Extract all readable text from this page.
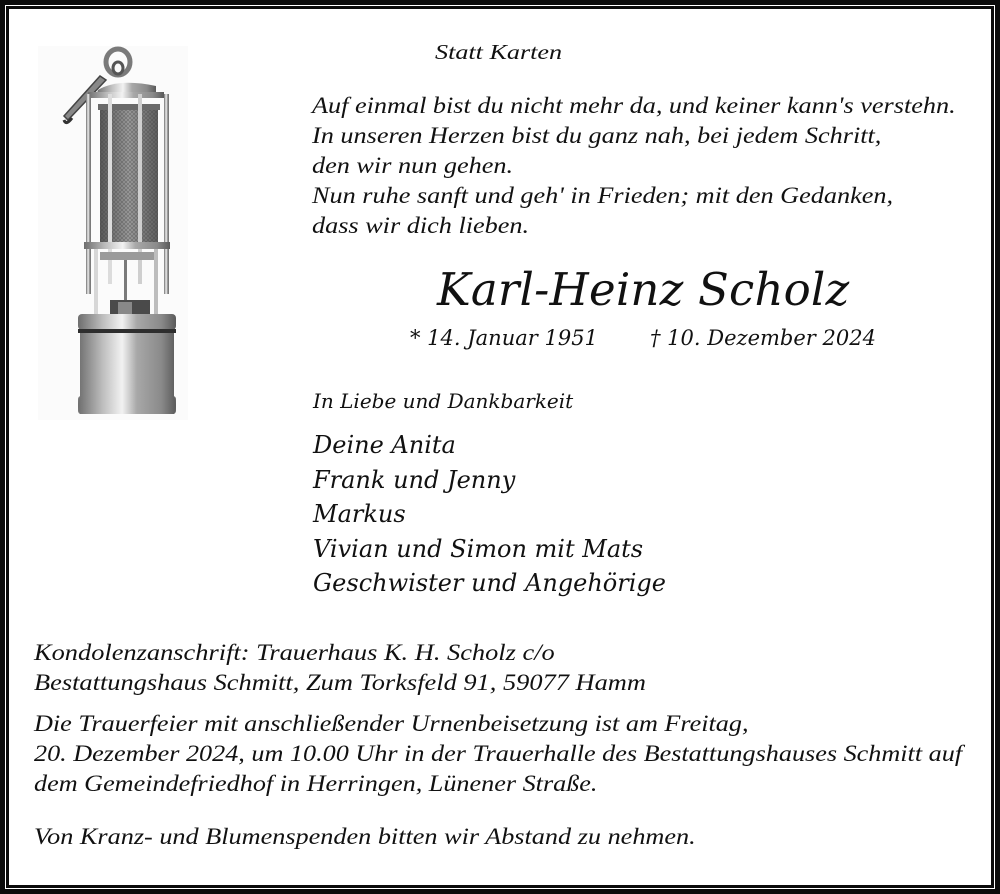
Statt Karten
Auf einmal bist du nicht mehr da, und keiner kann's verstehn.
In unseren Herzen bist du ganz nah, bei jedem Schritt,
den wir nun gehen.
Nun ruhe sanft und geh' in Frieden; mit den Gedanken,
dass wir dich lieben.
Karl-Heinz Scholz
* 14. Januar 1951 † 10. Dezember 2024
In Liebe und Dankbarkeit
Deine Anita
Frank und Jenny
Markus
Vivian und Simon mit Mats
Geschwister und Angehörige
Kondolenzanschrift: Trauerhaus K. H. Scholz c/o
Bestattungshaus Schmitt, Zum Torksfeld 91, 59077 Hamm
Die Trauerfeier mit anschließender Urnenbeisetzung ist am Freitag,
20. Dezember 2024, um 10.00 Uhr in der Trauerhalle des Bestattungshauses Schmitt auf
dem Gemeindefriedhof in Herringen, Lünener Straße.
Von Kranz- und Blumenspenden bitten wir Abstand zu nehmen.
